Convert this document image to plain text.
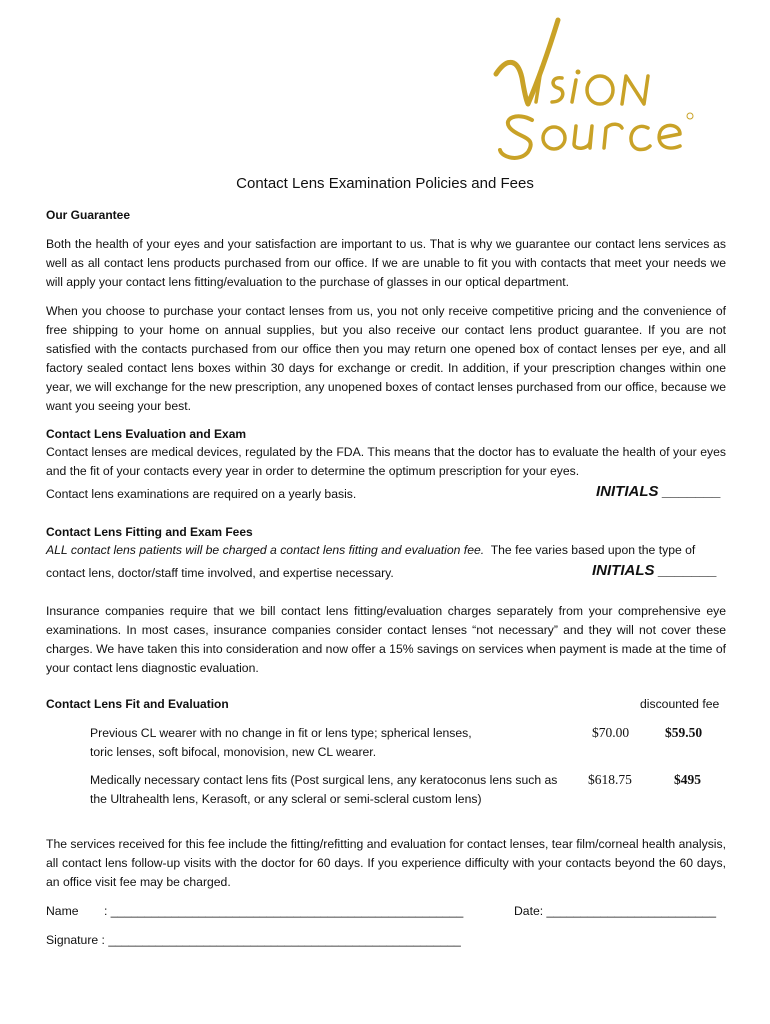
Contact Lens Examination Policies and Fees
Our Guarantee

Both the health of your eyes and your satisfaction are important to us. That is why we guarantee our contact lens services as well as all contact lens products purchased from our office. If we are unable to fit you with contacts that meet your needs we will apply your contact lens fitting/evaluation to the purchase of glasses in our optical department.

When you choose to purchase your contact lenses from us, you not only receive competitive pricing and the convenience of free shipping to your home on annual supplies, but you also receive our contact lens product guarantee. If you are not satisfied with the contacts purchased from our office then you may return one opened box of contact lenses per eye, and all factory sealed contact lens boxes within 30 days for exchange or credit. In addition, if your prescription changes within one year, we will exchange for the new prescription, any unopened boxes of contact lenses purchased from our office, because we want you seeing your best.

Contact Lens Evaluation and Exam

Contact lenses are medical devices, regulated by the FDA. This means that the doctor has to evaluate the health of your eyes and the fit of your contacts every year in order to determine the optimum prescription for your eyes.

Contact lens examinations are required on a yearly basis.	INITIALS _______
Contact Lens Fitting and Exam Fees
ALL contact lens patients will be charged a contact lens fitting and evaluation fee.  The fee varies based upon the type of
contact lens, doctor/staff time involved, and expertise necessary.	INITIALS _______

Insurance companies require that we bill contact lens fitting/evaluation charges separately from your comprehensive eye examinations. In most cases, insurance companies consider contact lenses “not necessary” and they will not cover these charges. We have taken this into consideration and now offer a 15% savings on services when payment is made at the time of your contact lens diagnostic evaluation.

Contact Lens Fit and Evaluation	discounted fee
Previous CL wearer with no change in fit or lens type; spherical lenses, toric lenses, soft bifocal, monovision, new CL wearer.
$70.00	$59.50
Medically necessary contact lens fits (Post surgical lens, any keratoconus lens such as the Ultrahealth lens, Kerasoft, or any scleral or semi-scleral custom lens)
$618.75	$495

The services received for this fee include the fitting/refitting and evaluation for contact lenses, tear film/corneal health analysis, all contact lens follow-up visits with the doctor for 60 days. If you experience difficulty with your contacts beyond the 60 days, an office visit fee may be charged.

Name : ____________________________________________________	Date: _________________________
Signature : ____________________________________________________
